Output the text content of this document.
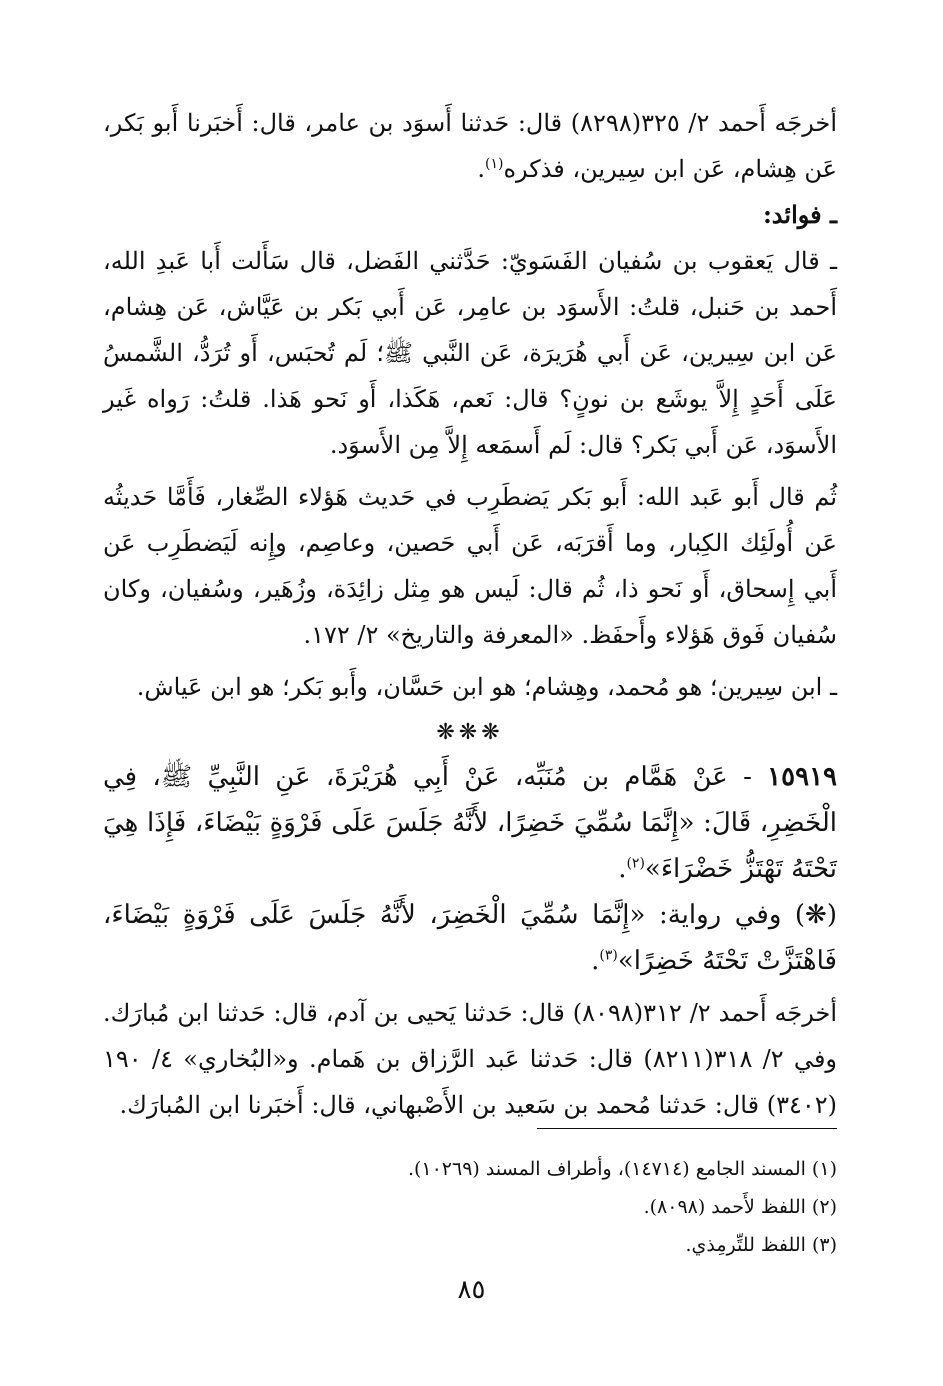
أخرجَه أَحمد ٢/ ٣٢٥(٨٢٩٨) قال: حَدثنا أَسوَد بن عامر، قال: أَخبَرنا أَبو بَكر، عَن هِشام، عَن ابن سِيرين، فذكره$^{(١)}$.

ـ فوائد:

ـ قال يَعقوب بن سُفيان الفَسَويّ: حَدَّثني الفَضل، قال سَأَلت أَبا عَبدِ الله، أَحمد بن حَنبل، قلتُ: الأَسوَد بن عامِر، عَن أَبي بَكر بن عَيَّاش، عَن هِشام، عَن ابن سِيرين، عَن أَبي هُرَيرَة، عَن النَّبي ﷺ؛ لَم تُحبَس، أَو تُرَدُّ، الشَّمسُ عَلَى أَحَدٍ إِلاَّ يوشَع بن نونٍ؟ قال: نَعم، هَكَذا، أَو نَحو هَذا. قلتُ: رَواه غَير الأَسوَد، عَن أَبي بَكر؟ قال: لَم أَسمَعه إِلاَّ مِن الأَسوَد.

ثُم قال أَبو عَبد الله: أَبو بَكر يَضطَرِب في حَديث هَؤلاء الصِّغار، فَأَمَّا حَديثُه عَن أُولَئِك الكِبار، وما أَقرَبَه، عَن أَبي حَصين، وعاصِم، وإِنه لَيَضطَرِب عَن أَبي إِسحاق، أَو نَحو ذا، ثُم قال: لَيس هو مِثل زائِدَة، وزُهَير، وسُفيان، وكان سُفيان فَوق هَؤلاء وأَحفَظ. «المعرفة والتاريخ» ٢/ ١٧٢.

ـ ابن سِيرين؛ هو مُحمد، وهِشام؛ هو ابن حَسَّان، وأَبو بَكر؛ هو ابن عَياش.

❋❋❋

١٥٩١٩ - عَنْ هَمَّام بن مُنَبِّه، عَنْ أَبِي هُرَيْرَةَ، عَنِ النَّبِيِّ ﷺ، فِي الْخَضِرِ، قَالَ: «إِنَّمَا سُمِّيَ خَضِرًا، لأَنَّهُ جَلَسَ عَلَى فَرْوَةٍ بَيْضَاءَ، فَإِذَا هِيَ تَحْتَهُ تَهْتَزُّ خَضْرَاءَ»$^{(٢)}$.

(❋) وفي رواية: «إِنَّمَا سُمِّيَ الْخَضِرَ، لأَنَّهُ جَلَسَ عَلَى فَرْوَةٍ بَيْضَاءَ، فَاهْتَزَّتْ تَحْتَهُ خَضِرًا»$^{(٣)}$.

أخرجَه أَحمد ٢/ ٣١٢(٨٠٩٨) قال: حَدثنا يَحيى بن آدم، قال: حَدثنا ابن مُبارَك. وفي ٢/ ٣١٨(٨٢١١) قال: حَدثنا عَبد الرَّزاق بن هَمام. و«البُخاري» ٤/ ١٩٠ (٣٤٠٢) قال: حَدثنا مُحمد بن سَعيد بن الأَصْبهاني، قال: أَخبَرنا ابن المُبارَك.

(١) المسند الجامع (١٤٧١٤)، وأطراف المسند (١٠٢٦٩).

(٢) اللفظ لأَحمد (٨٠٩٨).

(٣) اللفظ للتِّرمِذي.

٨٥
